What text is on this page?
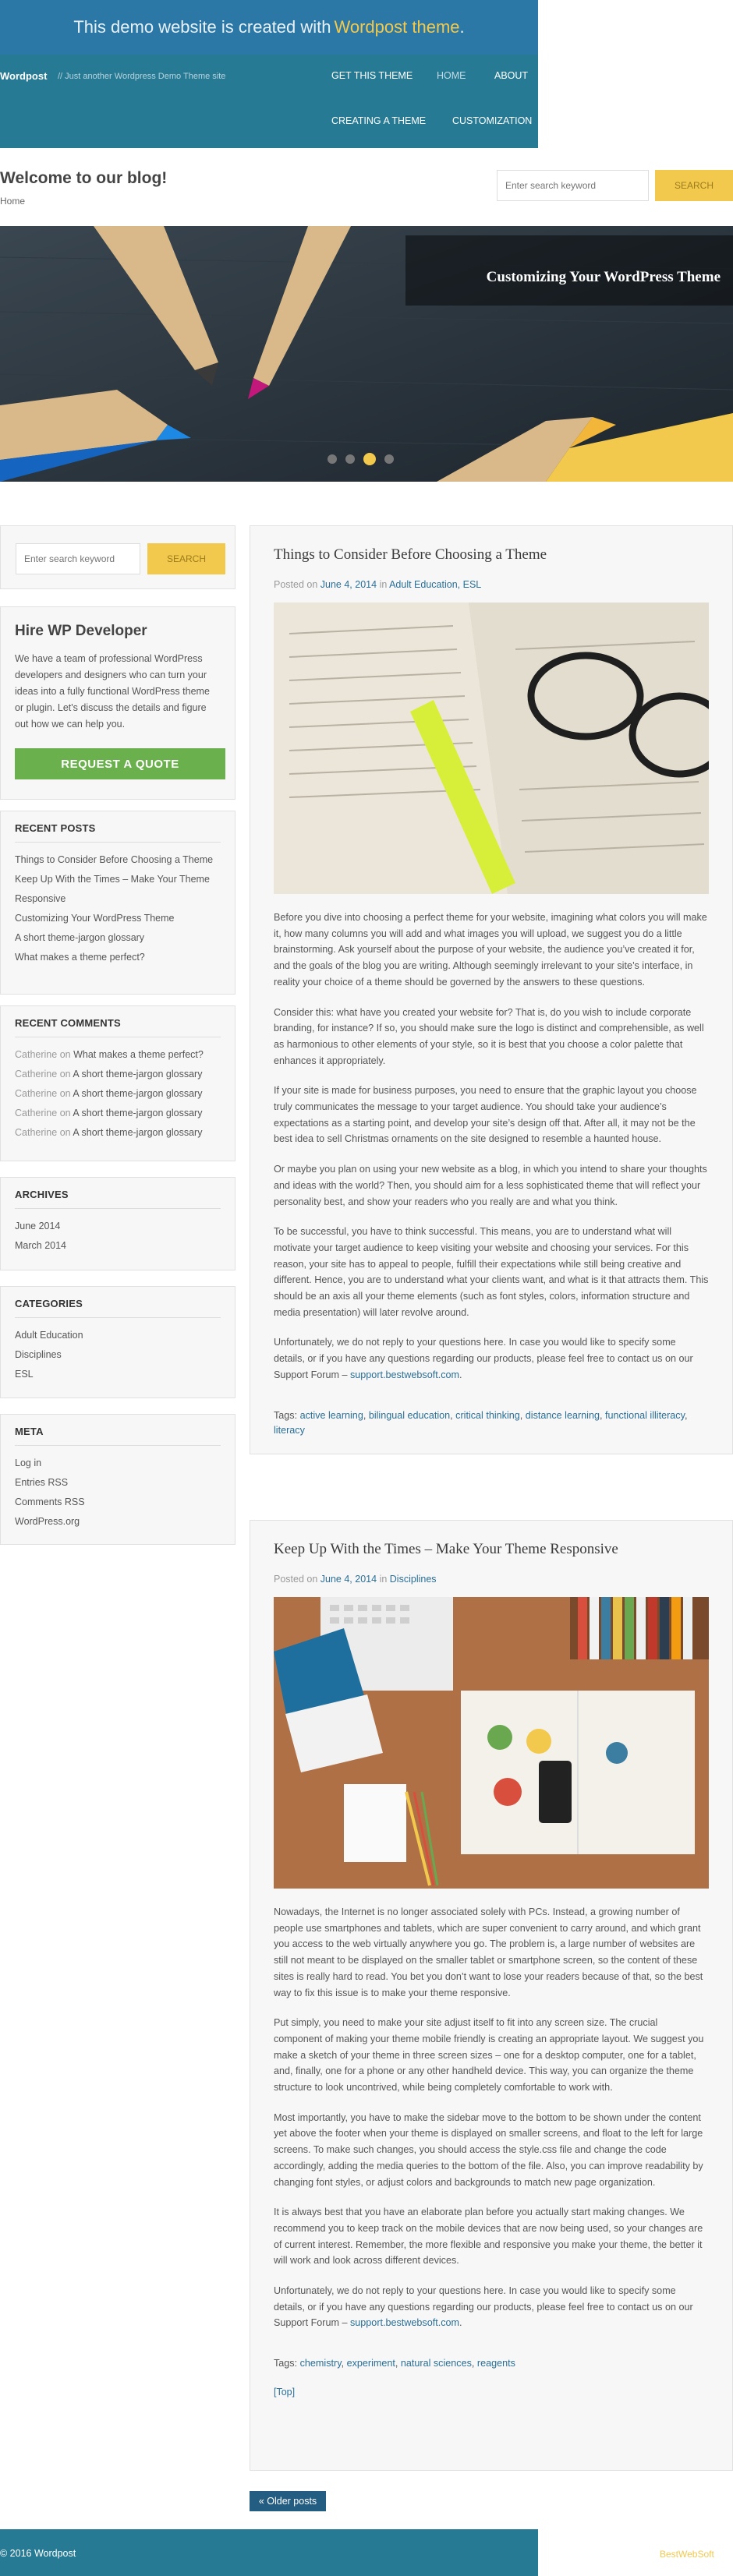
This demo website is created with Wordpost theme .
Wordpost // Just another Wordpress Demo Theme site	GET THIS THEME HOME	ABOUT
CREATING A THEME	CUSTOMIZATION
Welcome to our blog!
Home
Enter search keyword
SEARCH
Customizing Your WordPress Theme

Enter search keyword
SEARCH
Hire WP Developer
We have a team of professional WordPress developers and designers who can turn your ideas into a fully functional WordPress theme or plugin. Let's discuss the details and figure out how we can help you.
REQUEST A QUOTE
RECENT POSTS
Things to Consider Before Choosing a Theme
Keep Up With the Times – Make Your Theme Responsive
Customizing Your WordPress Theme
A short theme-jargon glossary
What makes a theme perfect?
RECENT COMMENTS
Catherine on What makes a theme perfect?
Catherine on A short theme-jargon glossary
Catherine on A short theme-jargon glossary
Catherine on A short theme-jargon glossary
Catherine on A short theme-jargon glossary
ARCHIVES
June 2014
March 2014
CATEGORIES
Adult Education
Disciplines
ESL
META
Log in
Entries RSS
Comments RSS
WordPress.org
Things to Consider Before Choosing a Theme
Posted on June 4, 2014 in Adult Education, ESL

Before you dive into choosing a perfect theme for your website, imagining what colors you will make it, how many columns you will add and what images you will upload, we suggest you do a little brainstorming. Ask yourself about the purpose of your website, the audience you’ve created it for, and the goals of the blog you are writing. Although seemingly irrelevant to your site’s interface, in reality your choice of a theme should be governed by the answers to these questions.

Consider this: what have you created your website for? That is, do you wish to include corporate branding, for instance? If so, you should make sure the logo is distinct and comprehensible, as well as harmonious to other elements of your style, so it is best that you choose a color palette that enhances it appropriately.

If your site is made for business purposes, you need to ensure that the graphic layout you choose truly communicates the message to your target audience. You should take your audience’s expectations as a starting point, and develop your site’s design off that. After all, it may not be the best idea to sell Christmas ornaments on the site designed to resemble a haunted house.

Or maybe you plan on using your new website as a blog, in which you intend to share your thoughts and ideas with the world? Then, you should aim for a less sophisticated theme that will reflect your personality best, and show your readers who you really are and what you think.

To be successful, you have to think successful. This means, you are to understand what will motivate your target audience to keep visiting your website and choosing your services. For this reason, your site has to appeal to people, fulfill their expectations while still being creative and different. Hence, you are to understand what your clients want, and what is it that attracts them. This should be an axis all your theme elements (such as font styles, colors, information structure and media presentation) will later revolve around.

Unfortunately, we do not reply to your questions here. In case you would like to specify some details, or if you have any questions regarding our products, please feel free to contact us on our Support Forum – support.bestwebsoft.com.

Tags: active learning, bilingual education, critical thinking, distance learning, functional illiteracy, literacy
Keep Up With the Times – Make Your Theme Responsive
Posted on June 4, 2014 in Disciplines

Nowadays, the Internet is no longer associated solely with PCs. Instead, a growing number of people use smartphones and tablets, which are super convenient to carry around, and which grant you access to the web virtually anywhere you go. The problem is, a large number of websites are still not meant to be displayed on the smaller tablet or smartphone screen, so the content of these sites is really hard to read. You bet you don’t want to lose your readers because of that, so the best way to fix this issue is to make your theme responsive.

Put simply, you need to make your site adjust itself to fit into any screen size. The crucial component of making your theme mobile friendly is creating an appropriate layout. We suggest you make a sketch of your theme in three screen sizes – one for a desktop computer, one for a tablet, and, finally, one for a phone or any other handheld device. This way, you can organize the theme structure to look uncontrived, while being completely comfortable to work with.

Most importantly, you have to make the sidebar move to the bottom to be shown under the content yet above the footer when your theme is displayed on smaller screens, and float to the left for large screens. To make such changes, you should access the style.css file and change the code accordingly, adding the media queries to the bottom of the file. Also, you can improve readability by changing font styles, or adjust colors and backgrounds to match new page organization.

It is always best that you have an elaborate plan before you actually start making changes. We recommend you to keep track on the mobile devices that are now being used, so your changes are of current interest. Remember, the more flexible and responsive you make your theme, the better it will work and look across different devices.

Unfortunately, we do not reply to your questions here. In case you would like to specify some details, or if you have any questions regarding our products, please feel free to contact us on our Support Forum – support.bestwebsoft.com.

Tags: chemistry, experiment, natural sciences, reagents
[Top]
« Older posts
© 2016 Wordpost	BestWebSoft
